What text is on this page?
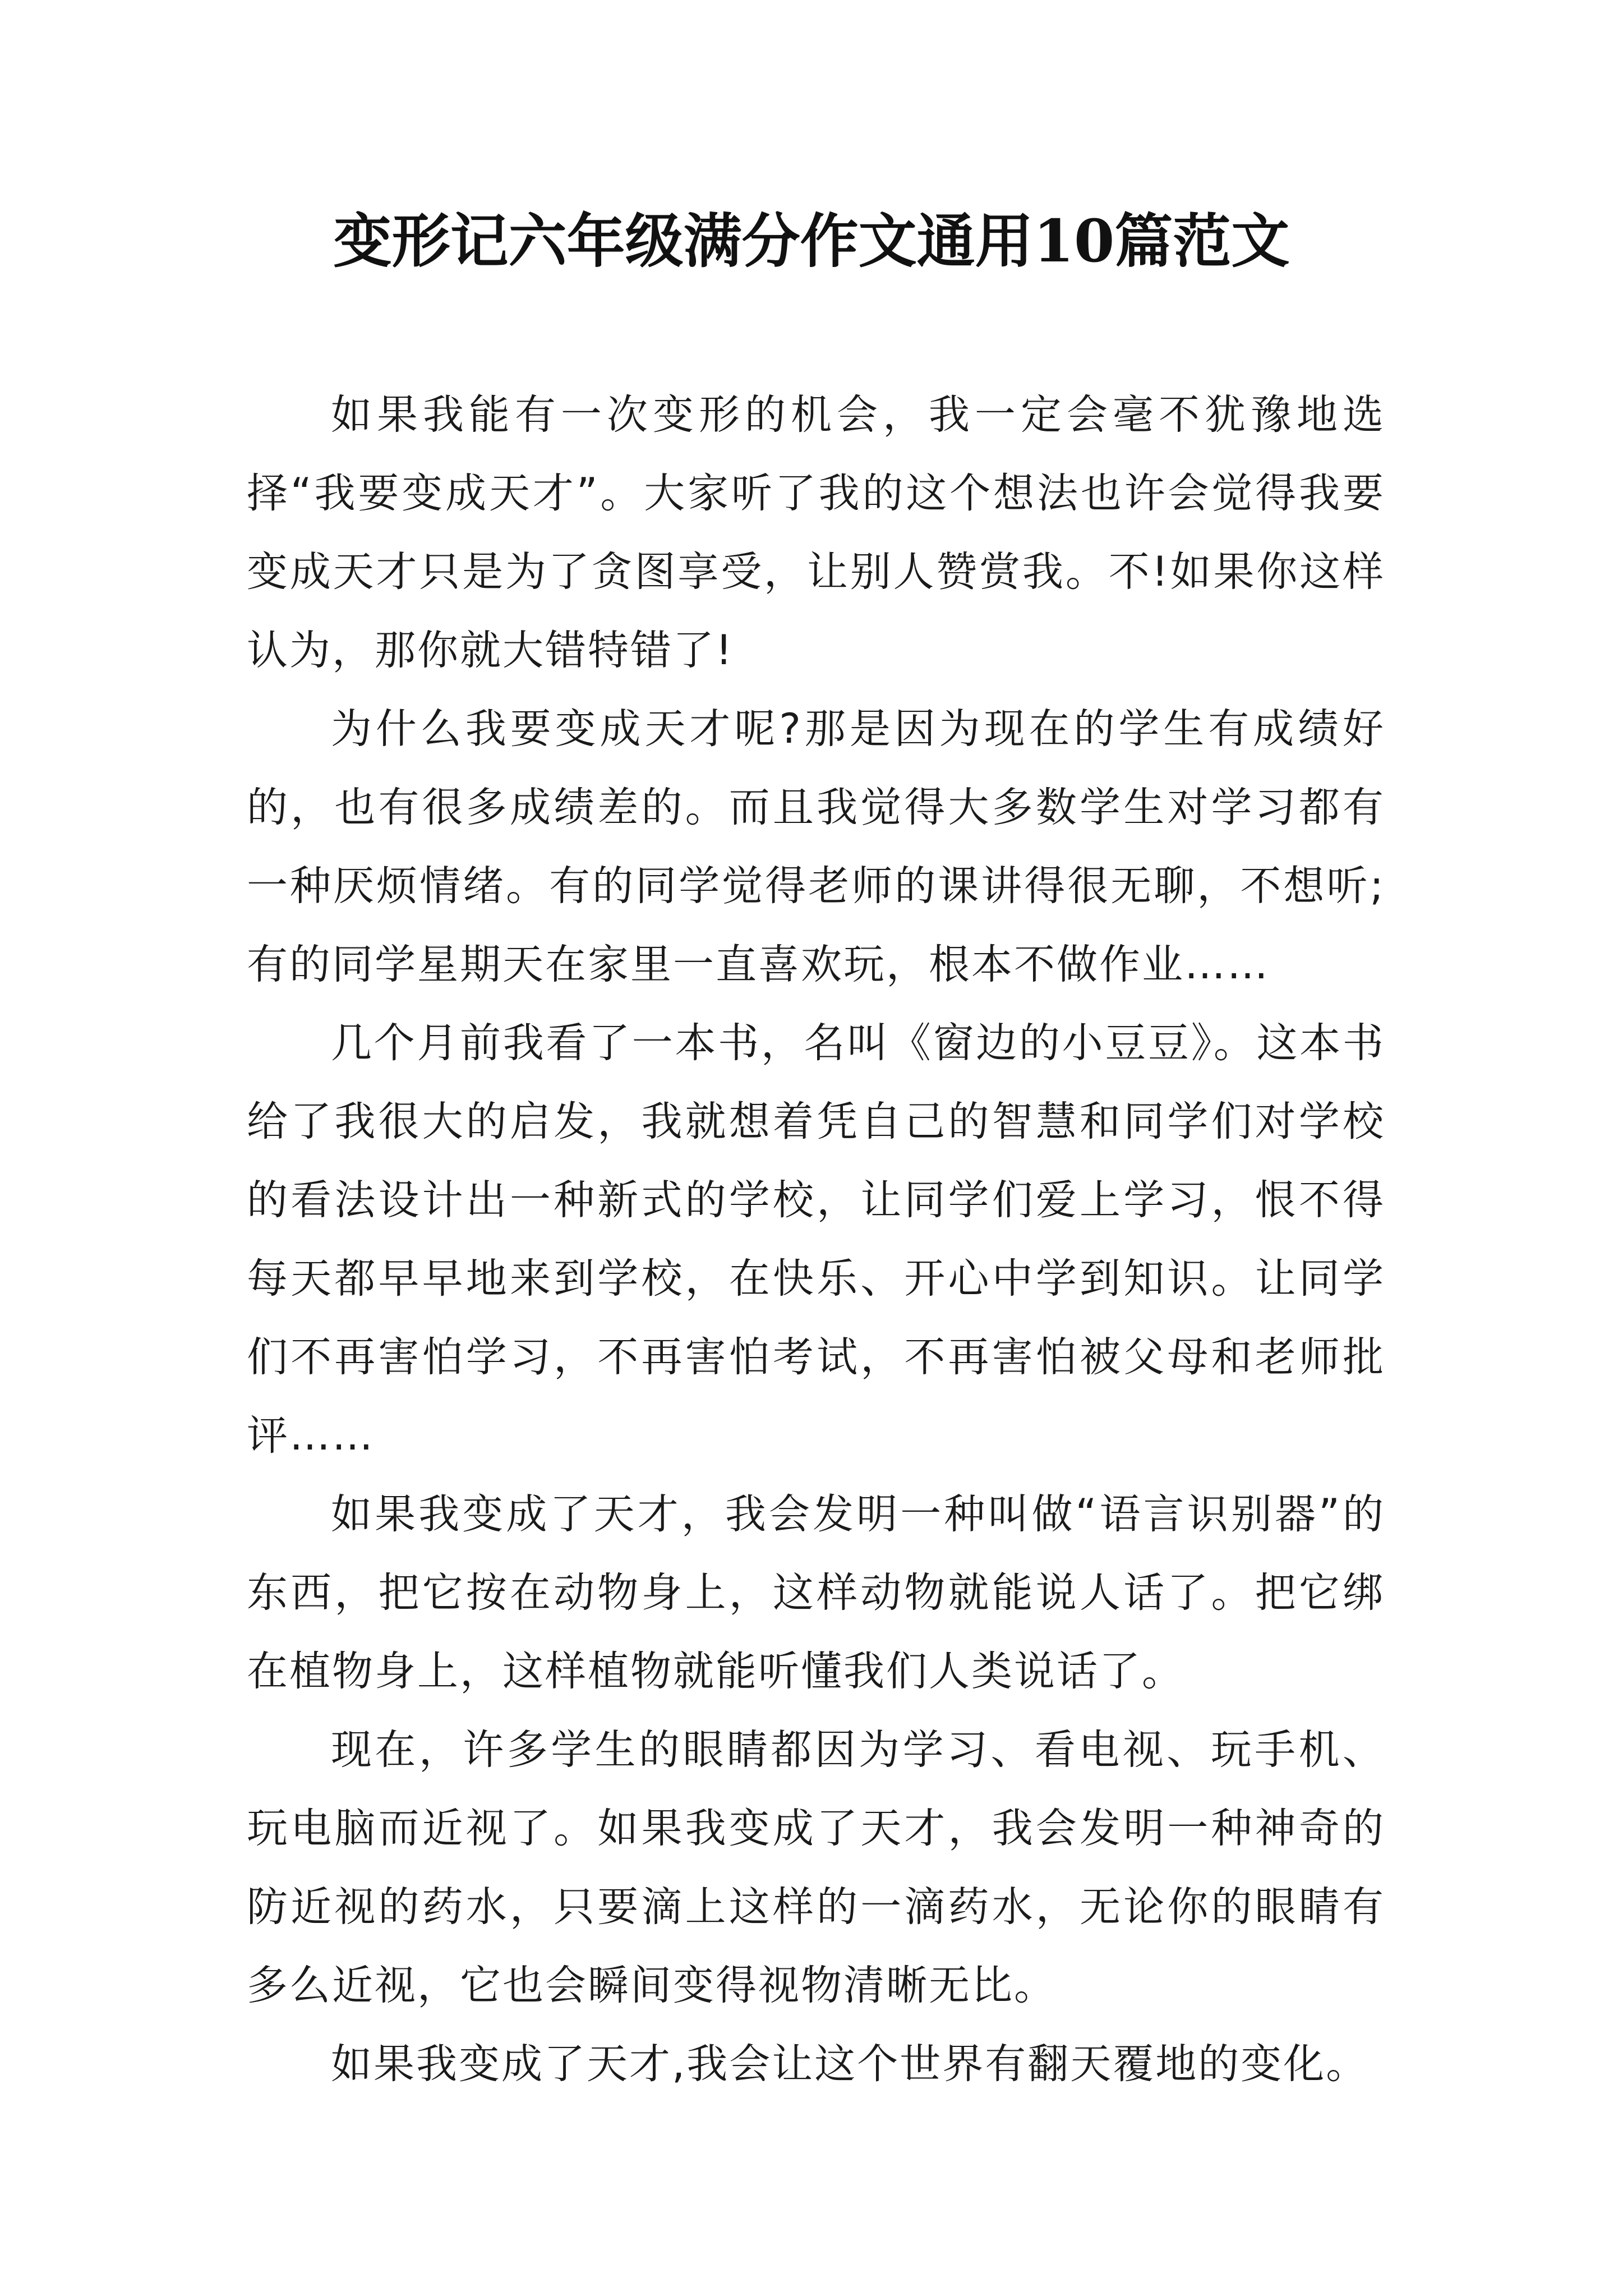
变形记六年级满分作文通用10篇范文

如果我能有一次变形的机会，我一定会毫不犹豫地选择“我要变成天才”。大家听了我的这个想法也许会觉得我要变成天才只是为了贪图享受，让别人赞赏我。不!如果你这样认为，那你就大错特错了!

为什么我要变成天才呢?那是因为现在的学生有成绩好的，也有很多成绩差的。而且我觉得大多数学生对学习都有一种厌烦情绪。有的同学觉得老师的课讲得很无聊，不想听;有的同学星期天在家里一直喜欢玩，根本不做作业……

几个月前我看了一本书，名叫《窗边的小豆豆》。这本书给了我很大的启发，我就想着凭自己的智慧和同学们对学校的看法设计出一种新式的学校，让同学们爱上学习，恨不得每天都早早地来到学校，在快乐、开心中学到知识。让同学们不再害怕学习，不再害怕考试，不再害怕被父母和老师批评……

如果我变成了天才，我会发明一种叫做“语言识别器”的东西，把它按在动物身上，这样动物就能说人话了。把它绑在植物身上，这样植物就能听懂我们人类说话了。

现在，许多学生的眼睛都因为学习、看电视、玩手机、玩电脑而近视了。如果我变成了天才，我会发明一种神奇的防近视的药水，只要滴上这样的一滴药水，无论你的眼睛有多么近视，它也会瞬间变得视物清晰无比。

如果我变成了天才,我会让这个世界有翻天覆地的变化。
